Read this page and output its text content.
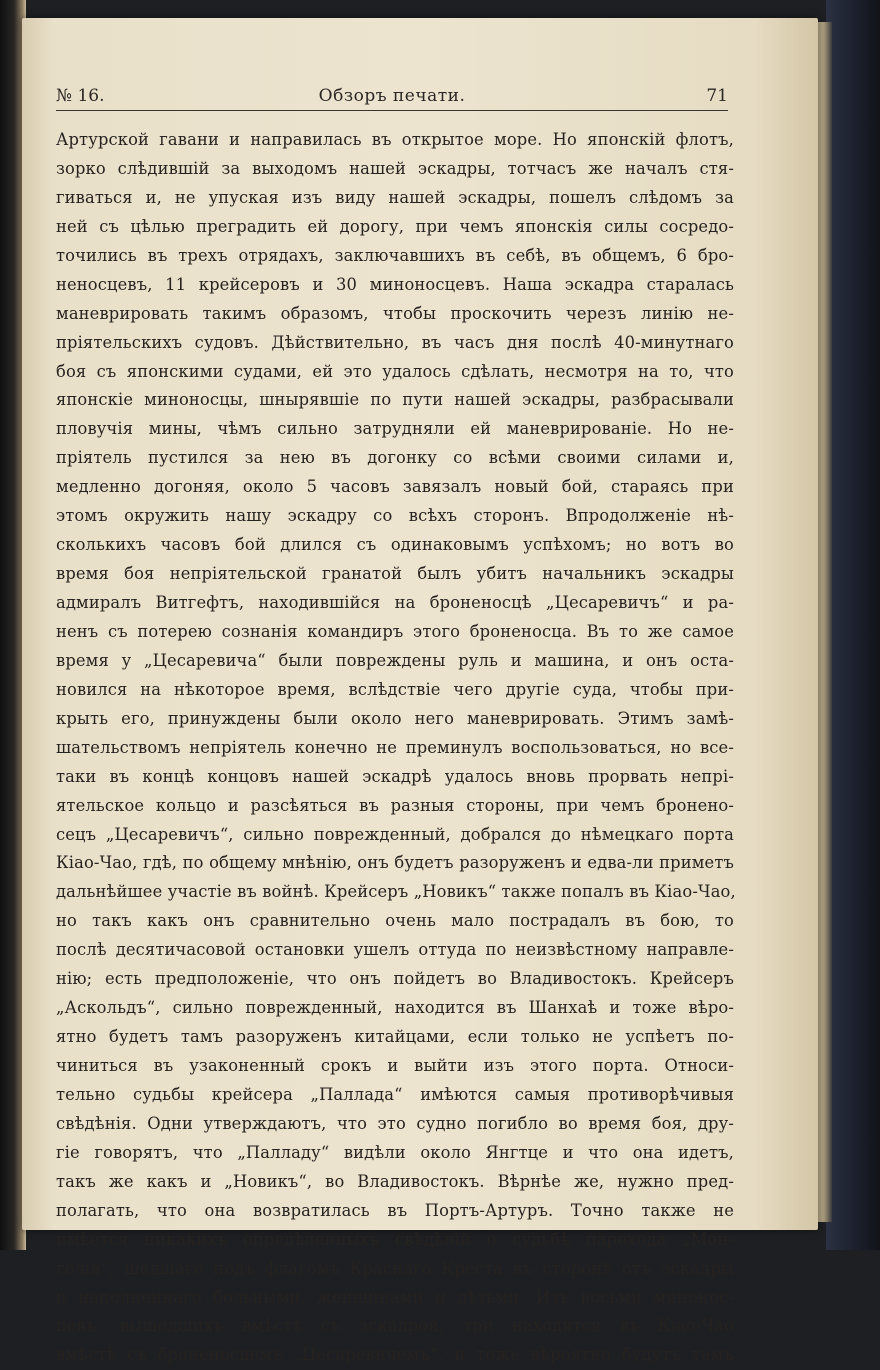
№ 16.	Обзоръ печати.	71
Артурской гавани и направилась въ открытое море. Но японскій флотъ,
зорко слѣдившій за выходомъ нашей эскадры, тотчасъ же началъ стя-
гиваться и, не упуская изъ виду нашей эскадры, пошелъ слѣдомъ за
ней съ цѣлью преградить ей дорогу, при чемъ японскія силы сосредо-
точились въ трехъ отрядахъ, заключавшихъ въ себѣ, въ общемъ, 6 бро-
неносцевъ, 11 крейсеровъ и 30 миноносцевъ. Наша эскадра старалась
маневрировать такимъ образомъ, чтобы проскочить черезъ линію не-
пріятельскихъ судовъ. Дѣйствительно, въ часъ дня послѣ 40-минутнаго
боя съ японскими судами, ей это удалось сдѣлать, несмотря на то, что
японскіе миноносцы, шнырявшіе по пути нашей эскадры, разбрасывали
пловучія мины, чѣмъ сильно затрудняли ей маневрированіе. Но не-
пріятель пустился за нею въ догонку со всѣми своими силами и,
медленно догоняя, около 5 часовъ завязалъ новый бой, стараясь при
этомъ окружить нашу эскадру со всѣхъ сторонъ. Впродолженіе нѣ-
сколькихъ часовъ бой длился съ одинаковымъ успѣхомъ; но вотъ во
время боя непріятельской гранатой былъ убитъ начальникъ эскадры
адмиралъ Витгефтъ, находившійся на броненосцѣ „Цесаревичъ“ и ра-
ненъ съ потерею сознанія командиръ этого броненосца. Въ то же самое
время у „Цесаревича“ были повреждены руль и машина, и онъ оста-
новился на нѣкоторое время, вслѣдствіе чего другіе суда, чтобы при-
крыть его, принуждены были около него маневрировать. Этимъ замѣ-
шательствомъ непріятель конечно не преминулъ воспользоваться, но все-
таки въ концѣ концовъ нашей эскадрѣ удалось вновь прорвать непрі-
ятельское кольцо и разсѣяться въ разныя стороны, при чемъ бронено-
сецъ „Цесаревичъ“, сильно поврежденный, добрался до нѣмецкаго порта
Кіао-Чао, гдѣ, по общему мнѣнію, онъ будетъ разоруженъ и едва-ли приметъ
дальнѣйшее участіе въ войнѣ. Крейсеръ „Новикъ“ также попалъ въ Кіао-Чао,
но такъ какъ онъ сравнительно очень мало пострадалъ въ бою, то
послѣ десятичасовой остановки ушелъ оттуда по неизвѣстному направле-
нію; есть предположеніе, что онъ пойдетъ во Владивостокъ. Крейсеръ
„Аскольдъ“, сильно поврежденный, находится въ Шанхаѣ и тоже вѣро-
ятно будетъ тамъ разоруженъ китайцами, если только не успѣетъ по-
чиниться въ узаконенный срокъ и выйти изъ этого порта. Относи-
тельно судьбы крейсера „Паллада“ имѣются самыя противорѣчивыя
свѣдѣнія. Одни утверждаютъ, что это судно погибло во время боя, дру-
гіе говорятъ, что „Палладу“ видѣли около Янгтце и что она идетъ,
такъ же какъ и „Новикъ“, во Владивостокъ. Вѣрнѣе же, нужно пред-
полагать, что она возвратилась въ Портъ-Артуръ. Точно также не
имѣется никакихъ опредѣленныхъ свѣдѣній о судьбѣ парохода „Мон-
голія“, шедшаго подъ флагомъ Краснаго Креста въ сторонѣ отъ эскадры
и наполненнаго больными, женщинами и дѣтьми. Изъ восьми минонос-
цевъ, вышедшихъ вмѣстѣ съ эскадрой, три находятся въ Кіао-Чао
вмѣстѣ съ броненосцемъ „Цесаревичемъ“, и тоже вѣроятно будутъ тамъ
